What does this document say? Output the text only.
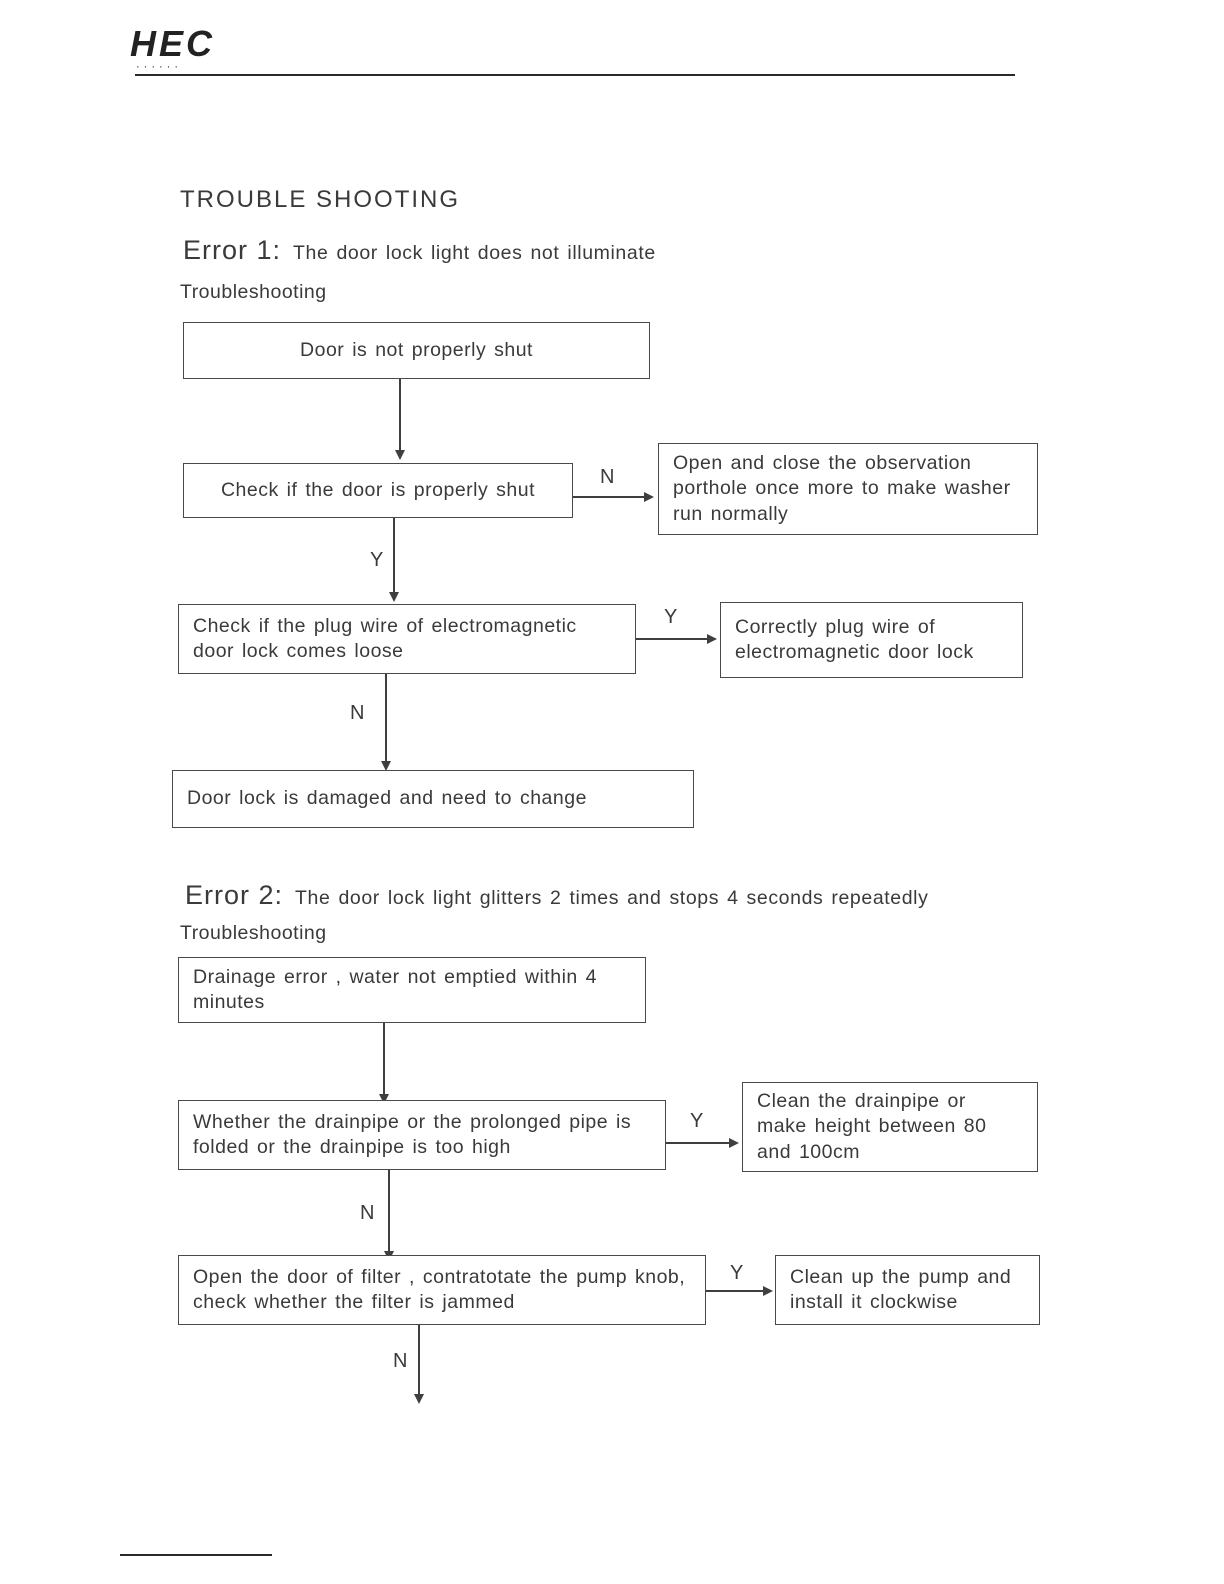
HEC
······
TROUBLE SHOOTING
Error 1: The door lock light does not illuminate
Troubleshooting
Door is not properly shut
Check if the door is properly shut
N
Open and close the observation porthole once more to make washer run normally
Y
Check if the plug wire of electromagnetic door lock comes loose
Y	Correctly plug wire of electromagnetic door lock
N
Door lock is damaged and need to change
Error 2: The door lock light glitters 2 times and stops 4 seconds repeatedly
Troubleshooting
Drainage error , water not emptied within 4 minutes
Whether the drainpipe or the prolonged pipe is folded or the drainpipe is too high
Y
Clean the drainpipe or make height between 80 and 100cm
N
Open the door of filter , contratotate the pump knob, check whether the filter is jammed
Y	Clean up the pump and install it clockwise
N
